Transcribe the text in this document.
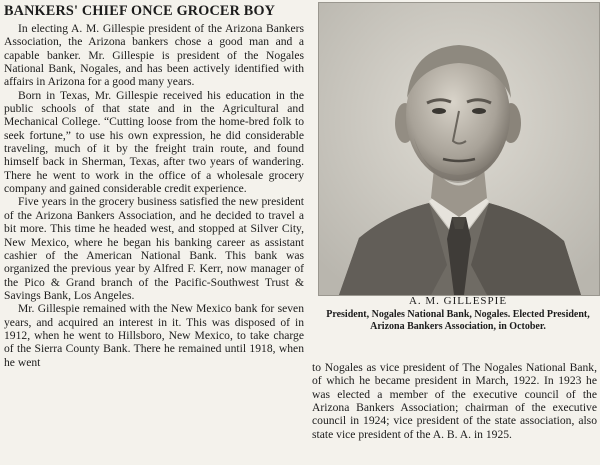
BANKERS' CHIEF ONCE GROCER BOY

In electing A. M. Gillespie president of the Arizona Bankers Association, the Arizona bankers chose a good man and a capable banker. Mr. Gillespie is president of the Nogales National Bank, Nogales, and has been actively identified with affairs in Arizona for a good many years.

Born in Texas, Mr. Gillespie received his education in the public schools of that state and in the Agricultural and Mechanical College. “Cutting loose from the home-bred folk to seek fortune,” to use his own expression, he did considerable traveling, much of it by the freight train route, and found himself back in Sherman, Texas, after two years of wandering. There he went to work in the office of a wholesale grocery company and gained considerable credit experience.

Five years in the grocery business satisfied the new president of the Arizona Bankers Association, and he decided to travel a bit more. This time he headed west, and stopped at Silver City, New Mexico, where he began his banking career as assistant cashier of the American National Bank. This bank was organized the previous year by Alfred F. Kerr, now manager of the Pico & Grand branch of the Pacific-Southwest Trust & Savings Bank, Los Angeles.

Mr. Gillespie remained with the New Mexico bank for seven years, and acquired an interest in it. This was disposed of in 1912, when he went to Hillsboro, New Mexico, to take charge of the Sierra County Bank. There he remained until 1918, when he went

A. M. GILLESPIE
President, Nogales National Bank, Nogales. Elected President, Arizona Bankers Association, in October.

to Nogales as vice president of The Nogales National Bank, of which he became president in March, 1922. In 1923 he was elected a member of the executive council of the Arizona Bankers Association; chairman of the executive council in 1924; vice president of the state association, also state vice president of the A. B. A. in 1925.
